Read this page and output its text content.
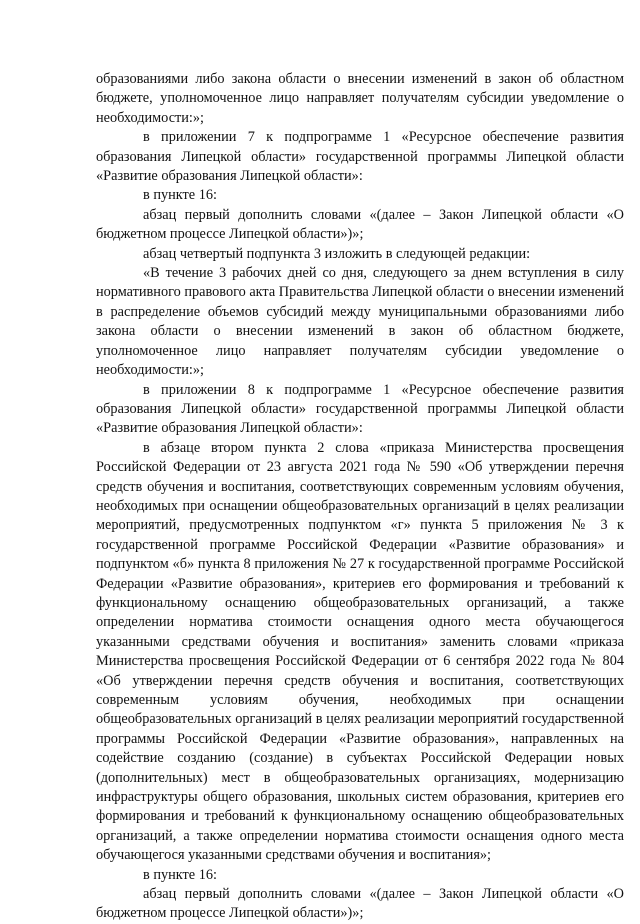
образованиями либо закона области о внесении изменений в закон об областном бюджете, уполномоченное лицо направляет получателям субсидии уведомление о необходимости:»;

в приложении 7 к подпрограмме 1 «Ресурсное обеспечение развития образования Липецкой области» государственной программы Липецкой области «Развитие образования Липецкой области»:

в пункте 16:

абзац первый дополнить словами «(далее – Закон Липецкой области «О бюджетном процессе Липецкой области»)»;

абзац четвертый подпункта 3 изложить в следующей редакции:

«В течение 3 рабочих дней со дня, следующего за днем вступления в силу нормативного правового акта Правительства Липецкой области о внесении изменений в распределение объемов субсидий между муниципальными образованиями либо закона области о внесении изменений в закон об областном бюджете, уполномоченное лицо направляет получателям субсидии уведомление о необходимости:»;

в приложении 8 к подпрограмме 1 «Ресурсное обеспечение развития образования Липецкой области» государственной программы Липецкой области «Развитие образования Липецкой области»:

в абзаце втором пункта 2 слова «приказа Министерства просвещения Российской Федерации от 23 августа 2021 года № 590 «Об утверждении перечня средств обучения и воспитания, соответствующих современным условиям обучения, необходимых при оснащении общеобразовательных организаций в целях реализации мероприятий, предусмотренных подпунктом «г» пункта 5 приложения № 3 к государственной программе Российской Федерации «Развитие образования» и подпунктом «б» пункта 8 приложения № 27 к государственной программе Российской Федерации «Развитие образования», критериев его формирования и требований к функциональному оснащению общеобразовательных организаций, а также определении норматива стоимости оснащения одного места обучающегося указанными средствами обучения и воспитания» заменить словами «приказа Министерства просвещения Российской Федерации от 6 сентября 2022 года № 804 «Об утверждении перечня средств обучения и воспитания, соответствующих современным условиям обучения, необходимых при оснащении общеобразовательных организаций в целях реализации мероприятий государственной программы Российской Федерации «Развитие образования», направленных на содействие созданию (создание) в субъектах Российской Федерации новых (дополнительных) мест в общеобразовательных организациях, модернизацию инфраструктуры общего образования, школьных систем образования, критериев его формирования и требований к функциональному оснащению общеобразовательных организаций, а также определении норматива стоимости оснащения одного места обучающегося указанными средствами обучения и воспитания»;

в пункте 16:

абзац первый дополнить словами «(далее – Закон Липецкой области «О бюджетном процессе Липецкой области»)»;
